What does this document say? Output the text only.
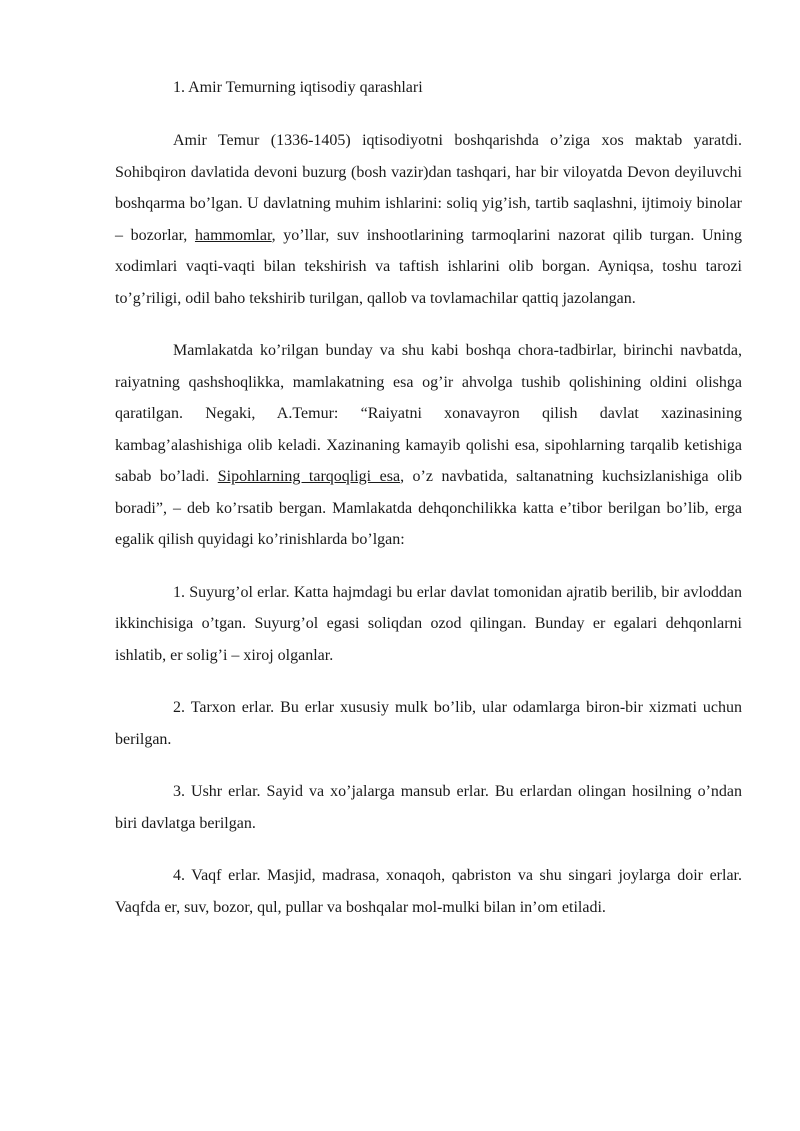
1. Amir Temurning iqtisodiy qarashlari

Amir Temur (1336-1405) iqtisodiyotni boshqarishda o’ziga xos maktab yaratdi. Sohibqiron davlatida devoni buzurg (bosh vazir)dan tashqari, har bir viloyatda Devon deyiluvchi boshqarma bo’lgan. U davlatning muhim ishlarini: soliq yig’ish, tartib saqlashni, ijtimoiy binolar – bozorlar, hammomlar, yo’llar, suv inshootlarining tarmoqlarini nazorat qilib turgan. Uning xodimlari vaqti-vaqti bilan tekshirish va taftish ishlarini olib borgan. Ayniqsa, toshu tarozi to’g’riligi, odil baho tekshirib turilgan, qallob va tovlamachilar qattiq jazolangan.

Mamlakatda ko’rilgan bunday va shu kabi boshqa chora-tadbirlar, birinchi navbatda, raiyatning qashshoqlikka, mamlakatning esa og’ir ahvolga tushib qolishining oldini olishga qaratilgan. Negaki, A.Temur: “Raiyatni xonavayron qilish davlat xazinasining kambag’alashishiga olib keladi. Xazinaning kamayib qolishi esa, sipohlarning tarqalib ketishiga sabab bo’ladi. Sipohlarning tarqoqligi esa, o’z navbatida, saltanatning kuchsizlanishiga olib boradi”, – deb ko’rsatib bergan. Mamlakatda dehqonchilikka katta e’tibor berilgan bo’lib, erga egalik qilish quyidagi ko’rinishlarda bo’lgan:

1. Suyurg’ol erlar. Katta hajmdagi bu erlar davlat tomonidan ajratib berilib, bir avloddan ikkinchisiga o’tgan. Suyurg’ol egasi soliqdan ozod qilingan. Bunday er egalari dehqonlarni ishlatib, er solig’i – xiroj olganlar.

2. Tarxon erlar. Bu erlar xususiy mulk bo’lib, ular odamlarga biron-bir xizmati uchun berilgan.

3. Ushr erlar. Sayid va xo’jalarga mansub erlar. Bu erlardan olingan hosilning o’ndan biri davlatga berilgan.

4. Vaqf erlar. Masjid, madrasa, xonaqoh, qabriston va shu singari joylarga doir erlar. Vaqfda er, suv, bozor, qul, pullar va boshqalar mol-mulki bilan in’om etiladi.
